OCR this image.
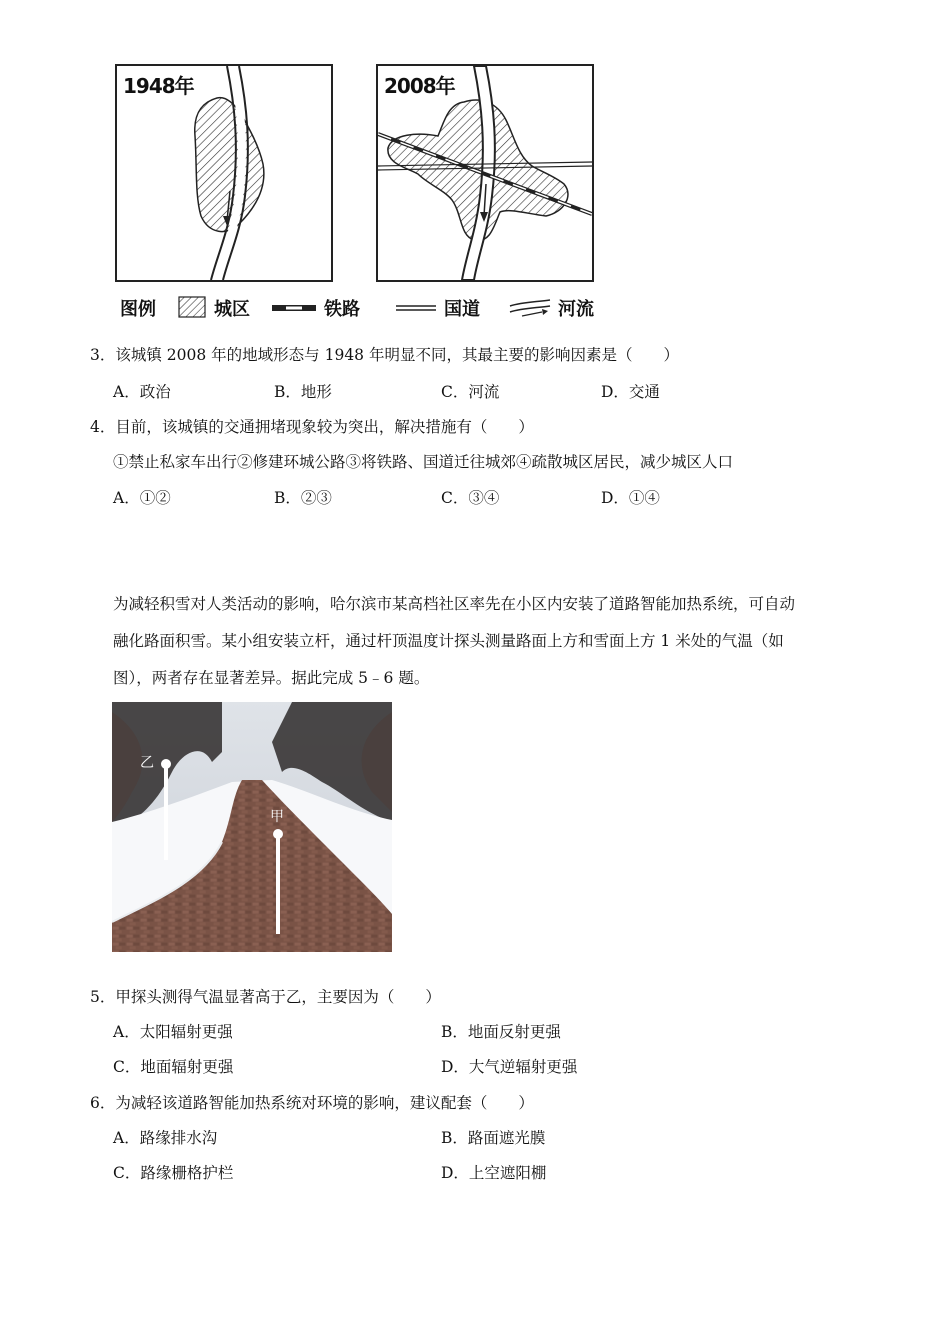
1948年	2008年
图例	城区	铁路	国道	河流
3．该城镇 2008 年的地域形态与 1948 年明显不同，其最主要的影响因素是（　　）
A．政治	B．地形	C．河流	D．交通
4．目前，该城镇的交通拥堵现象较为突出，解决措施有（　　）
①禁止私家车出行②修建环城公路③将铁路、国道迁往城郊④疏散城区居民，减少城区人口
A．①②	B．②③	C．③④	D．①④
为减轻积雪对人类活动的影响，哈尔滨市某高档社区率先在小区内安装了道路智能加热系统，可自动
融化路面积雪。某小组安装立杆，通过杆顶温度计探头测量路面上方和雪面上方 1 米处的气温（如
图），两者存在显著差异。据此完成 5﹣6 题。
乙
甲
5．甲探头测得气温显著高于乙，主要因为（　　）
A．太阳辐射更强	B．地面反射更强
C．地面辐射更强	D．大气逆辐射更强
6．为减轻该道路智能加热系统对环境的影响，建议配套（　　）
A．路缘排水沟	B．路面遮光膜
C．路缘栅格护栏	D．上空遮阳棚
